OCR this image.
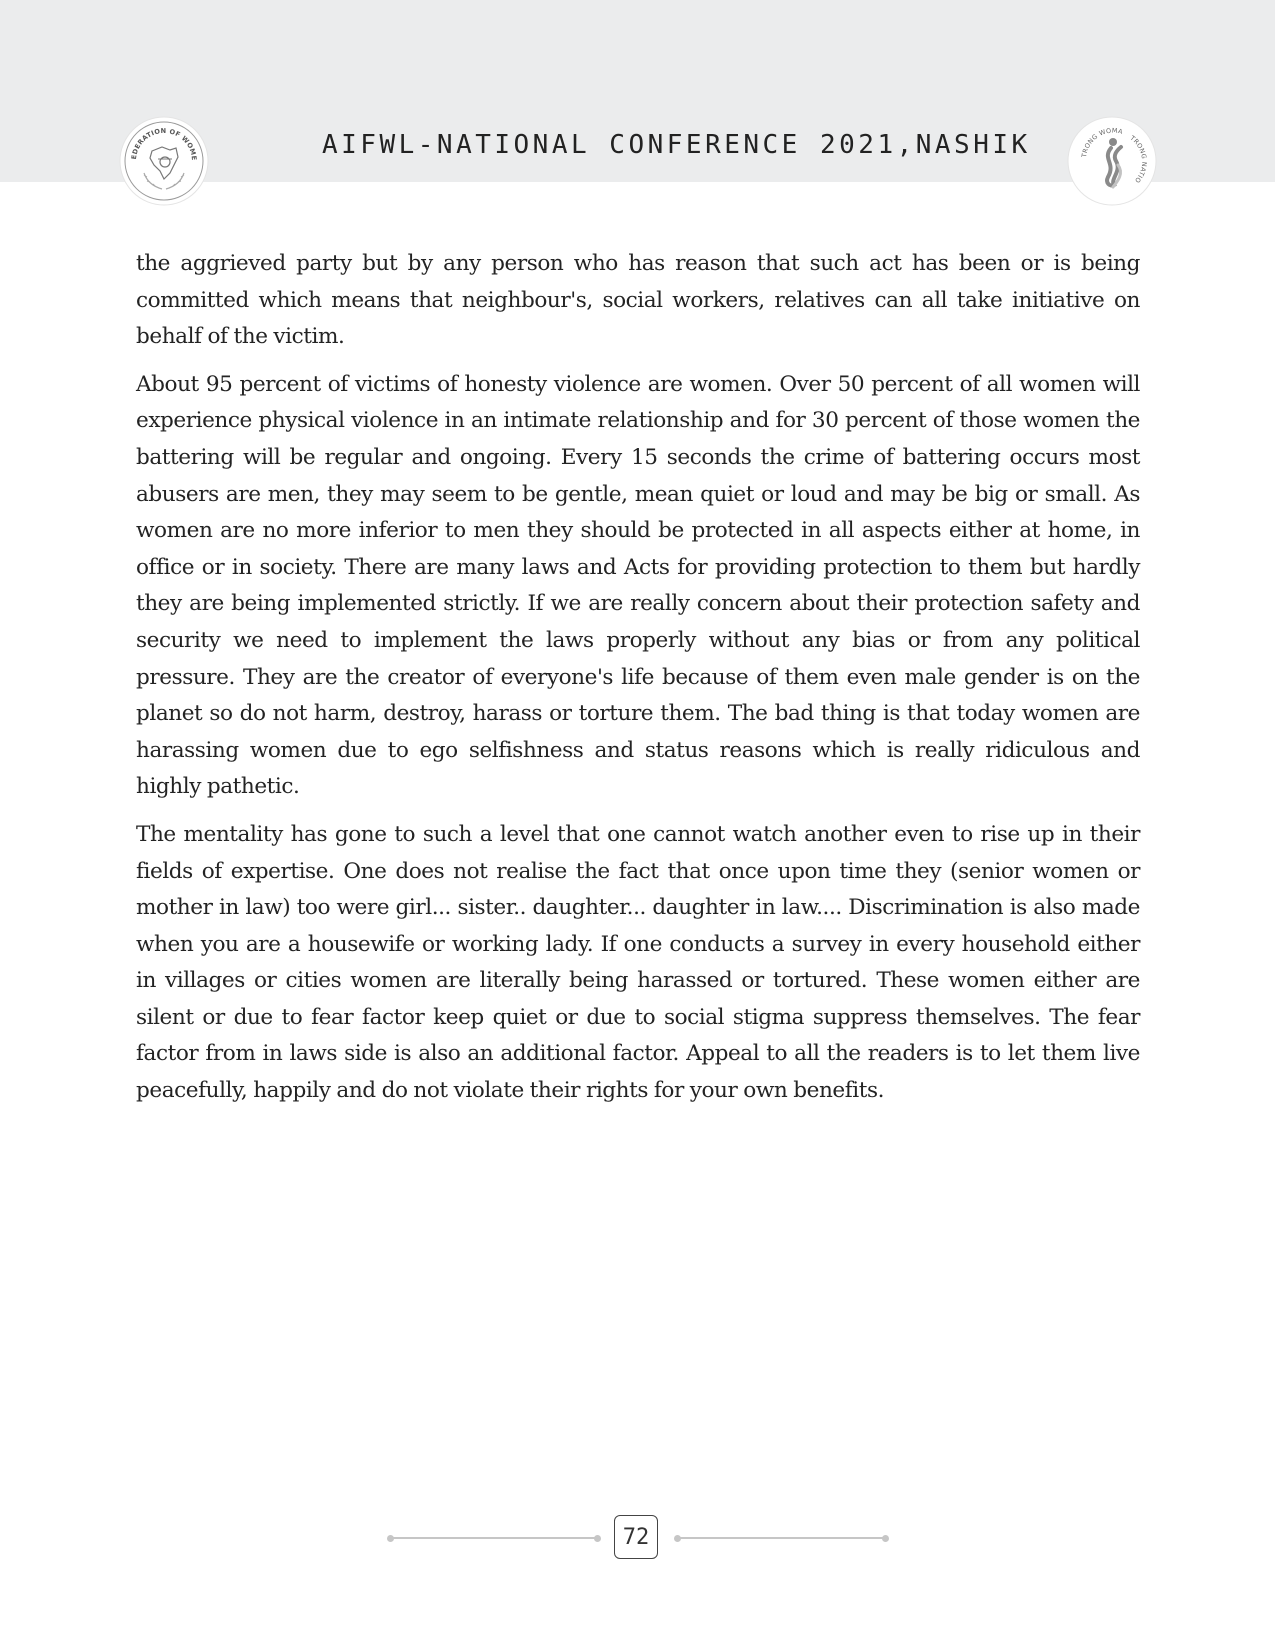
EDERATION OF WOME	AIFWL-NATIONAL CONFERENCE 2021,NASHIK	TRONG WOMA
TRONG NATIO

the aggrieved party but by any person who has reason that such act has been or is being committed which means that neighbour's, social workers, relatives can all take initiative on behalf of the victim.

About 95 percent of victims of honesty violence are women. Over 50 percent of all women will experience physical violence in an intimate relationship and for 30 percent of those women the battering will be regular and ongoing. Every 15 seconds the crime of battering occurs most abusers are men, they may seem to be gentle, mean quiet or loud and may be big or small. As women are no more inferior to men they should be protected in all aspects either at home, in office or in society. There are many laws and Acts for providing protection to them but hardly they are being implemented strictly. If we are really concern about their protection safety and security we need to implement the laws properly without any bias or from any political pressure. They are the creator of everyone's life because of them even male gender is on the planet so do not harm, destroy, harass or torture them. The bad thing is that today women are harassing women due to ego selfishness and status reasons which is really ridiculous and highly pathetic.

The mentality has gone to such a level that one cannot watch another even to rise up in their fields of expertise. One does not realise the fact that once upon time they (senior women or mother in law) too were girl... sister.. daughter... daughter in law.... Discrimination is also made when you are a housewife or working lady. If one conducts a survey in every household either in villages or cities women are literally being harassed or tortured. These women either are silent or due to fear factor keep quiet or due to social stigma suppress themselves. The fear factor from in laws side is also an additional factor. Appeal to all the readers is to let them live peacefully, happily and do not violate their rights for your own benefits.

72
